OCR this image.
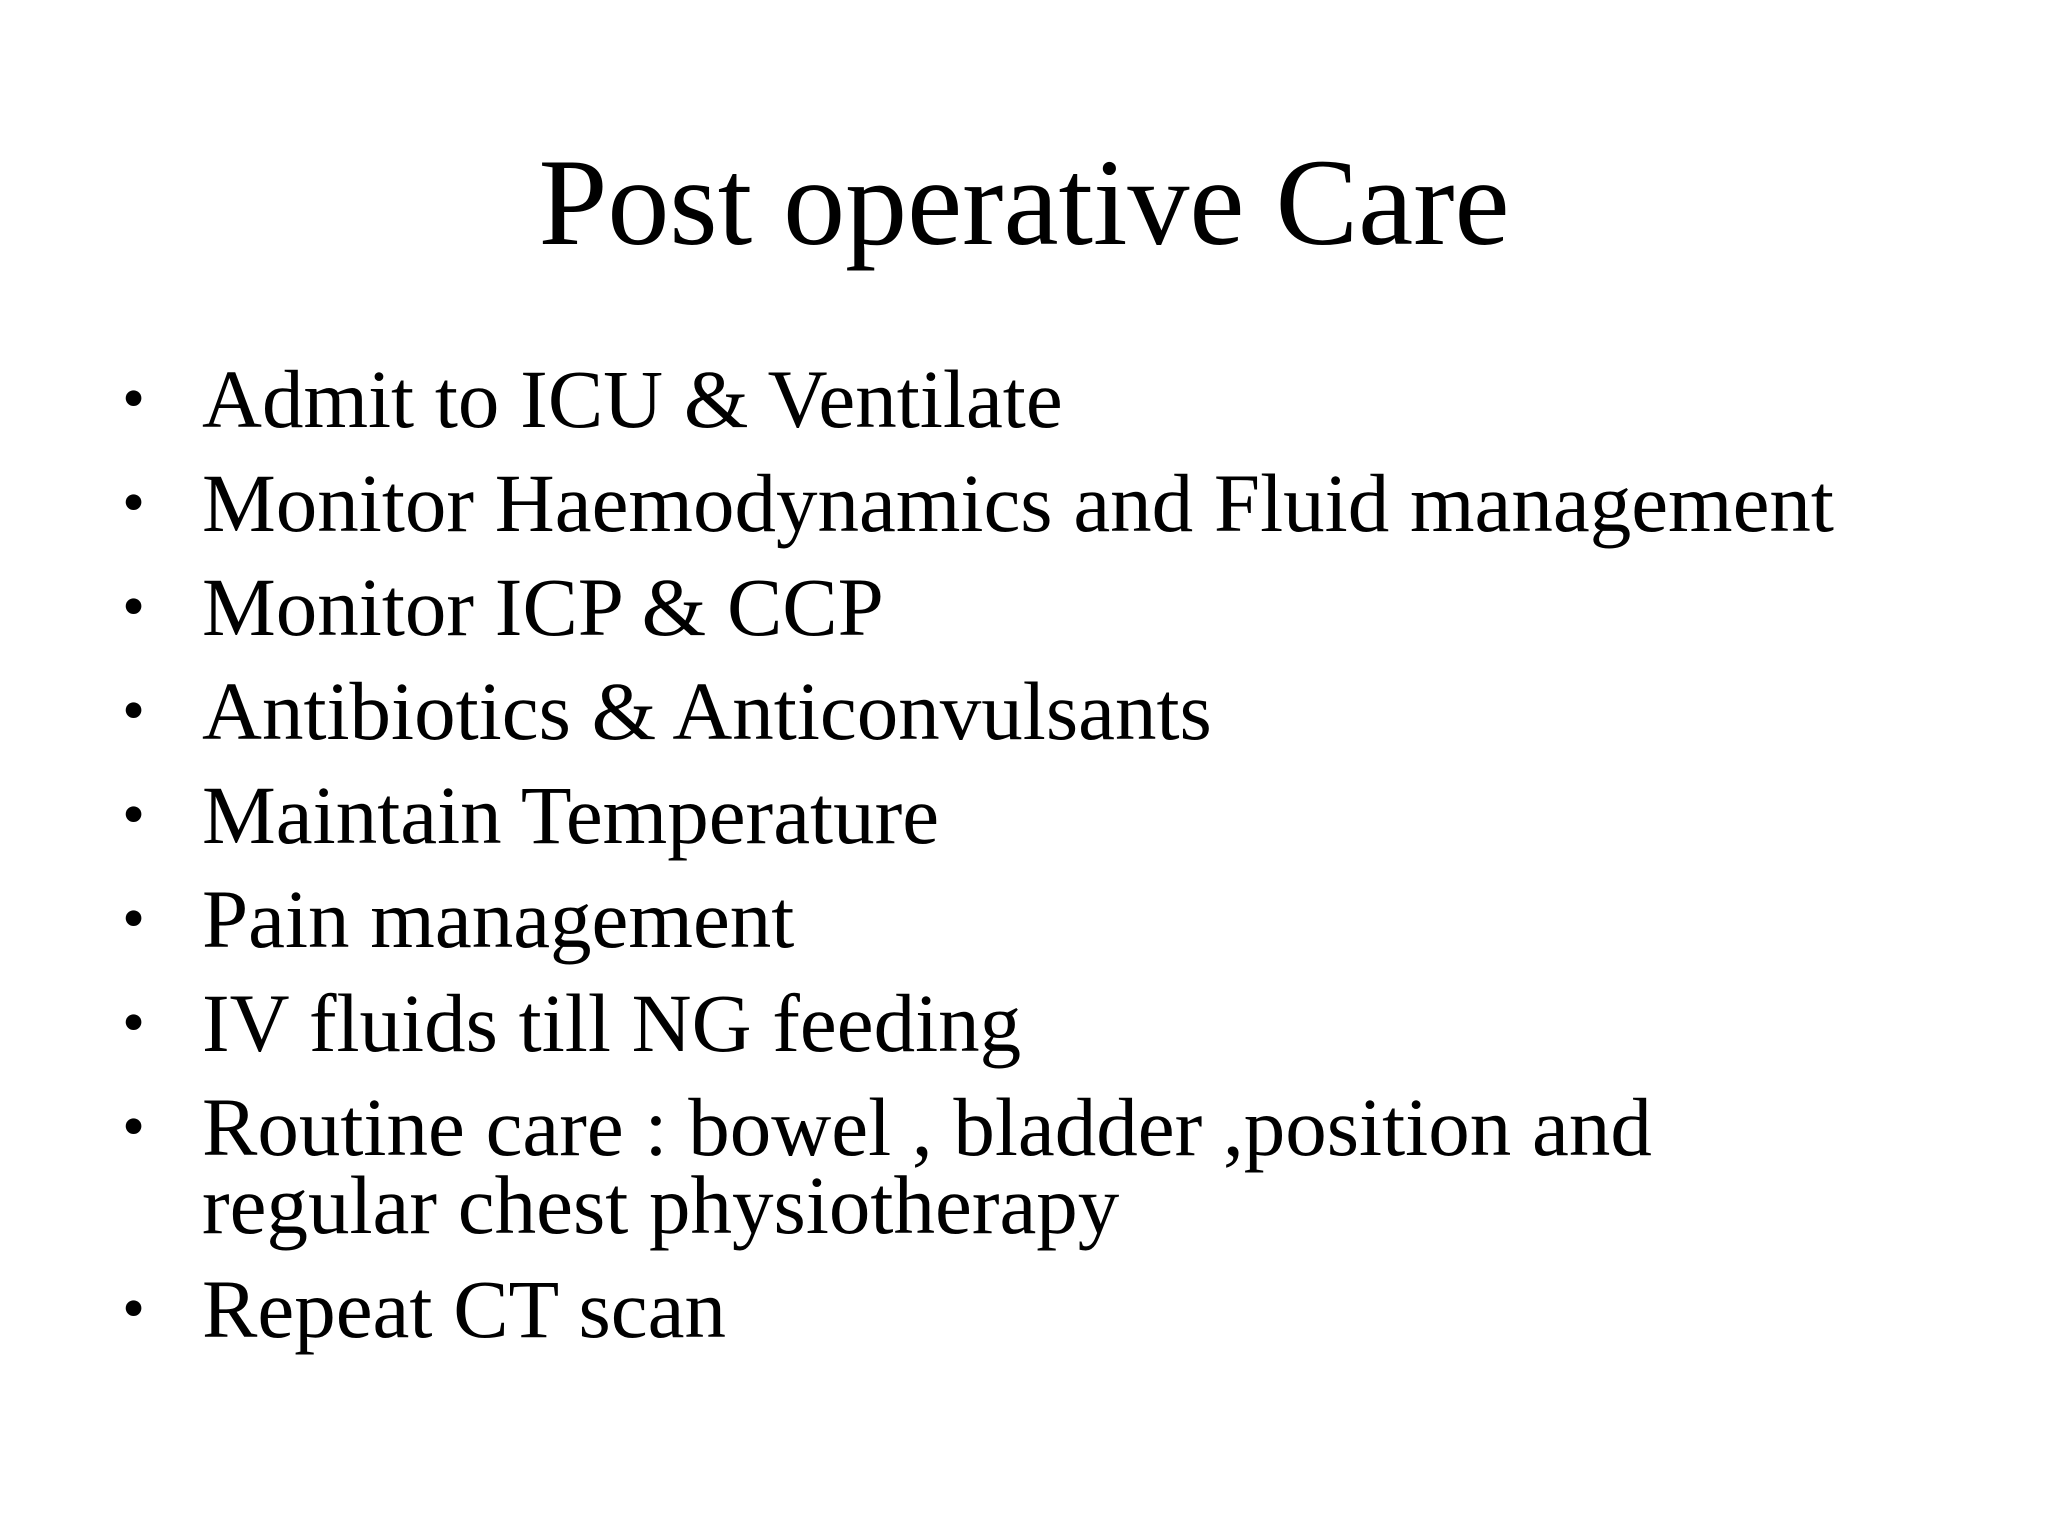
Post operative Care
• Admit to ICU & Ventilate
• Monitor Haemodynamics and Fluid management
• Monitor ICP & CCP
• Antibiotics & Anticonvulsants
• Maintain Temperature
• Pain management
• IV fluids till NG feeding
• Routine care : bowel , bladder ,position and regular chest physiotherapy
• Repeat CT scan
